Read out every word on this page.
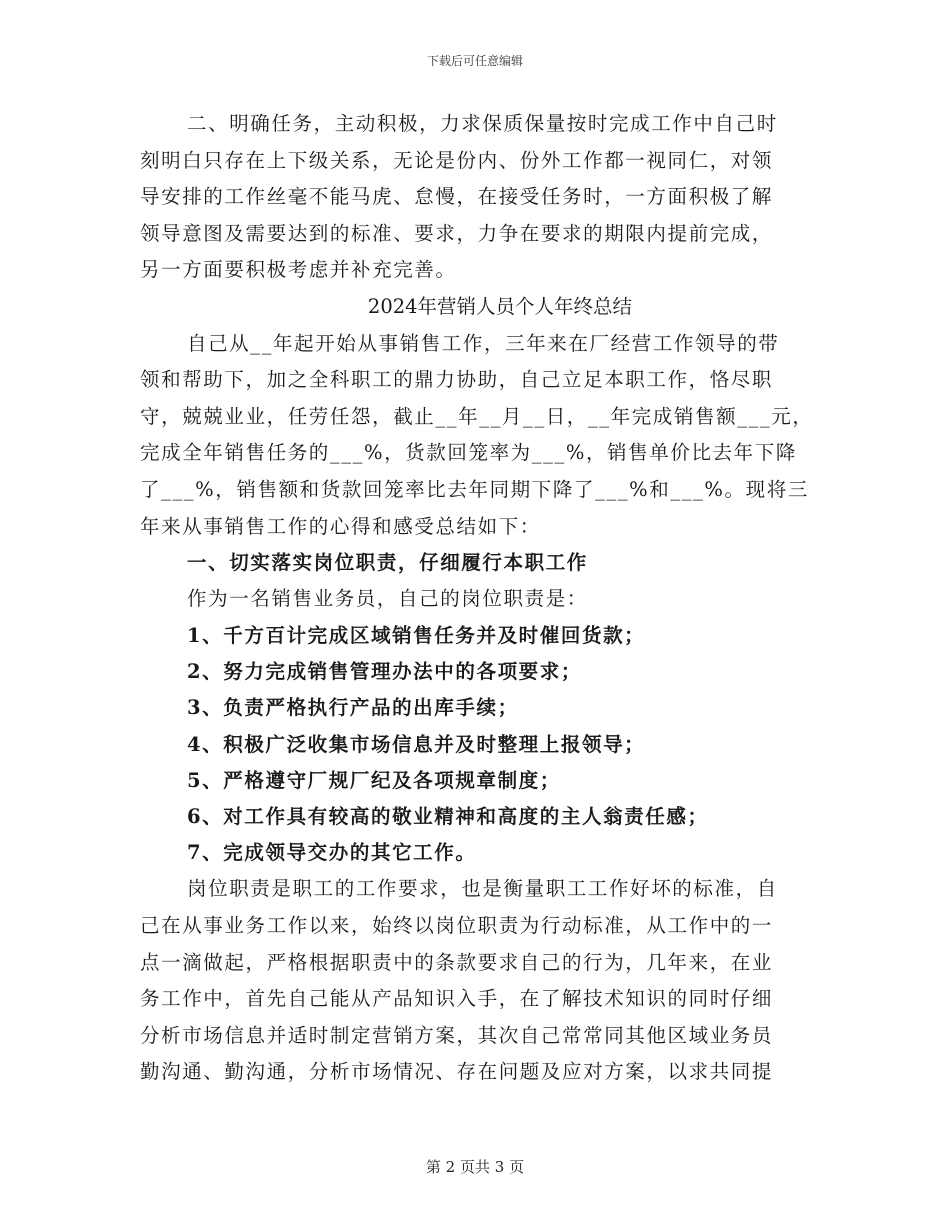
下载后可任意编辑

二、明确任务，主动积极，力求保质保量按时完成工作中自己时

刻明白只存在上下级关系，无论是份内、份外工作都一视同仁，对领

导安排的工作丝毫不能马虎、怠慢，在接受任务时，一方面积极了解

领导意图及需要达到的标准、要求，力争在要求的期限内提前完成，

另一方面要积极考虑并补充完善。

2024年营销人员个人年终总结

自己从__年起开始从事销售工作，三年来在厂经营工作领导的带

领和帮助下，加之全科职工的鼎力协助，自己立足本职工作，恪尽职

守，兢兢业业，任劳任怨，截止__年__月__日，__年完成销售额___元，

完成全年销售任务的___%，货款回笼率为___%，销售单价比去年下降

了___%，销售额和货款回笼率比去年同期下降了___%和___%。现将三

年来从事销售工作的心得和感受总结如下：

一、切实落实岗位职责，仔细履行本职工作

作为一名销售业务员，自己的岗位职责是：

1、千方百计完成区域销售任务并及时催回货款；

2、努力完成销售管理办法中的各项要求；

3、负责严格执行产品的出库手续；

4、积极广泛收集市场信息并及时整理上报领导；

5、严格遵守厂规厂纪及各项规章制度；

6、对工作具有较高的敬业精神和高度的主人翁责任感；

7、完成领导交办的其它工作。

岗位职责是职工的工作要求，也是衡量职工工作好坏的标准，自

己在从事业务工作以来，始终以岗位职责为行动标准，从工作中的一

点一滴做起，严格根据职责中的条款要求自己的行为，几年来，在业

务工作中，首先自己能从产品知识入手，在了解技术知识的同时仔细

分析市场信息并适时制定营销方案，其次自己常常同其他区域业务员

勤沟通、勤沟通，分析市场情况、存在问题及应对方案，以求共同提

第 2 页共 3 页
